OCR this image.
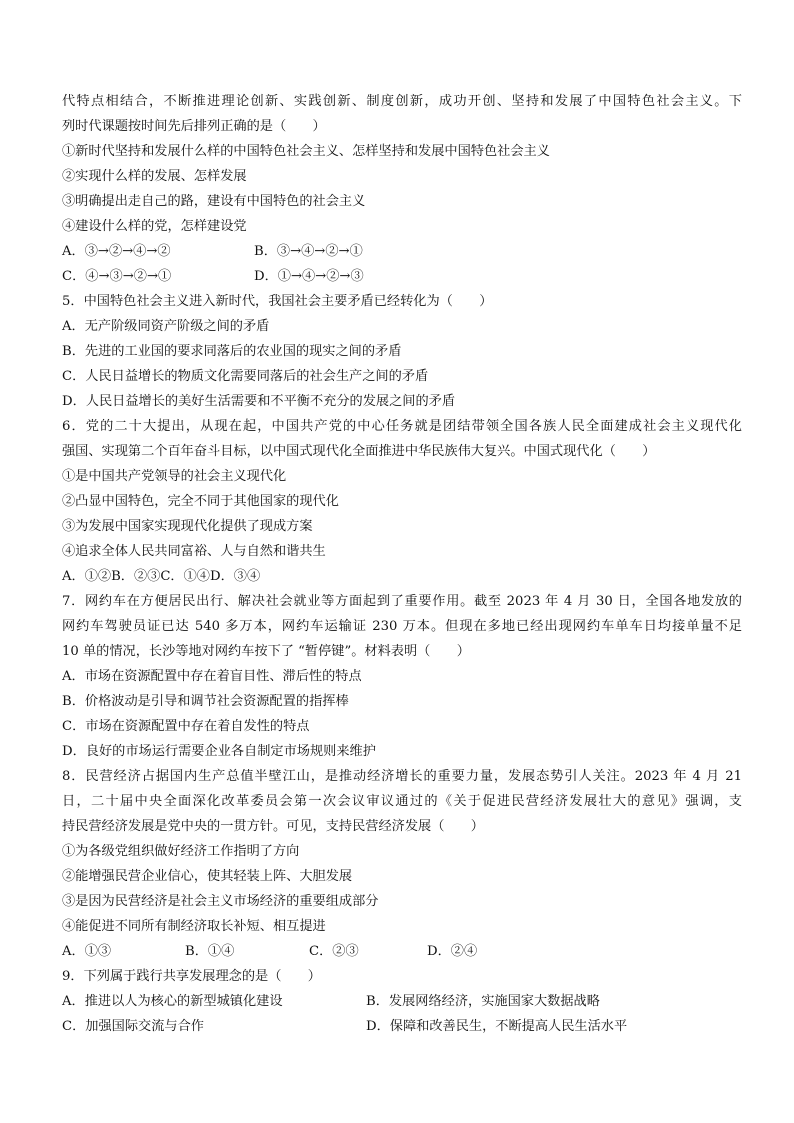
代特点相结合，不断推进理论创新、实践创新、制度创新，成功开创、坚持和发展了中国特色社会主义。下
列时代课题按时间先后排列正确的是（　　）
①新时代坚持和发展什么样的中国特色社会主义、怎样坚持和发展中国特色社会主义
②实现什么样的发展、怎样发展
③明确提出走自己的路，建设有中国特色的社会主义
④建设什么样的党，怎样建设党
A．③→②→④→②	B．③→④→②→①
C．④→③→②→①	D．①→④→②→③
5．中国特色社会主义进入新时代，我国社会主要矛盾已经转化为（　　）
A．无产阶级同资产阶级之间的矛盾
B．先进的工业国的要求同落后的农业国的现实之间的矛盾
C．人民日益增长的物质文化需要同落后的社会生产之间的矛盾
D．人民日益增长的美好生活需要和不平衡不充分的发展之间的矛盾
6．党的二十大提出，从现在起，中国共产党的中心任务就是团结带领全国各族人民全面建成社会主义现代化
强国、实现第二个百年奋斗目标，以中国式现代化全面推进中华民族伟大复兴。中国式现代化（　　）
①是中国共产党领导的社会主义现代化
②凸显中国特色，完全不同于其他国家的现代化
③为发展中国家实现现代化提供了现成方案
④追求全体人民共同富裕、人与自然和谐共生
A．①②B．②③C．①④D．③④
7．网约车在方便居民出行、解决社会就业等方面起到了重要作用。截至 2023 年 4 月 30 日，全国各地发放的
网约车驾驶员证已达 540 多万本，网约车运输证 230 万本。但现在多地已经出现网约车单车日均接单量不足
10 单的情况，长沙等地对网约车按下了 “暂停键”。材料表明（　　）
A．市场在资源配置中存在着盲目性、滞后性的特点
B．价格波动是引导和调节社会资源配置的指挥棒
C．市场在资源配置中存在着自发性的特点
D．良好的市场运行需要企业各自制定市场规则来维护
8．民营经济占据国内生产总值半壁江山，是推动经济增长的重要力量，发展态势引人关注。2023 年 4 月 21
日，二十届中央全面深化改革委员会第一次会议审议通过的《关于促进民营经济发展壮大的意见》强调，支
持民营经济发展是党中央的一贯方针。可见，支持民营经济发展（　　）
①为各级党组织做好经济工作指明了方向
②能增强民营企业信心，使其轻装上阵、大胆发展
③是因为民营经济是社会主义市场经济的重要组成部分
④能促进不同所有制经济取长补短、相互提进
A．①③	B．①④	C．②③	D．②④
9．下列属于践行共享发展理念的是（　　）
A．推进以人为核心的新型城镇化建设	B．发展网络经济，实施国家大数据战略
C．加强国际交流与合作	D．保障和改善民生，不断提高人民生活水平
